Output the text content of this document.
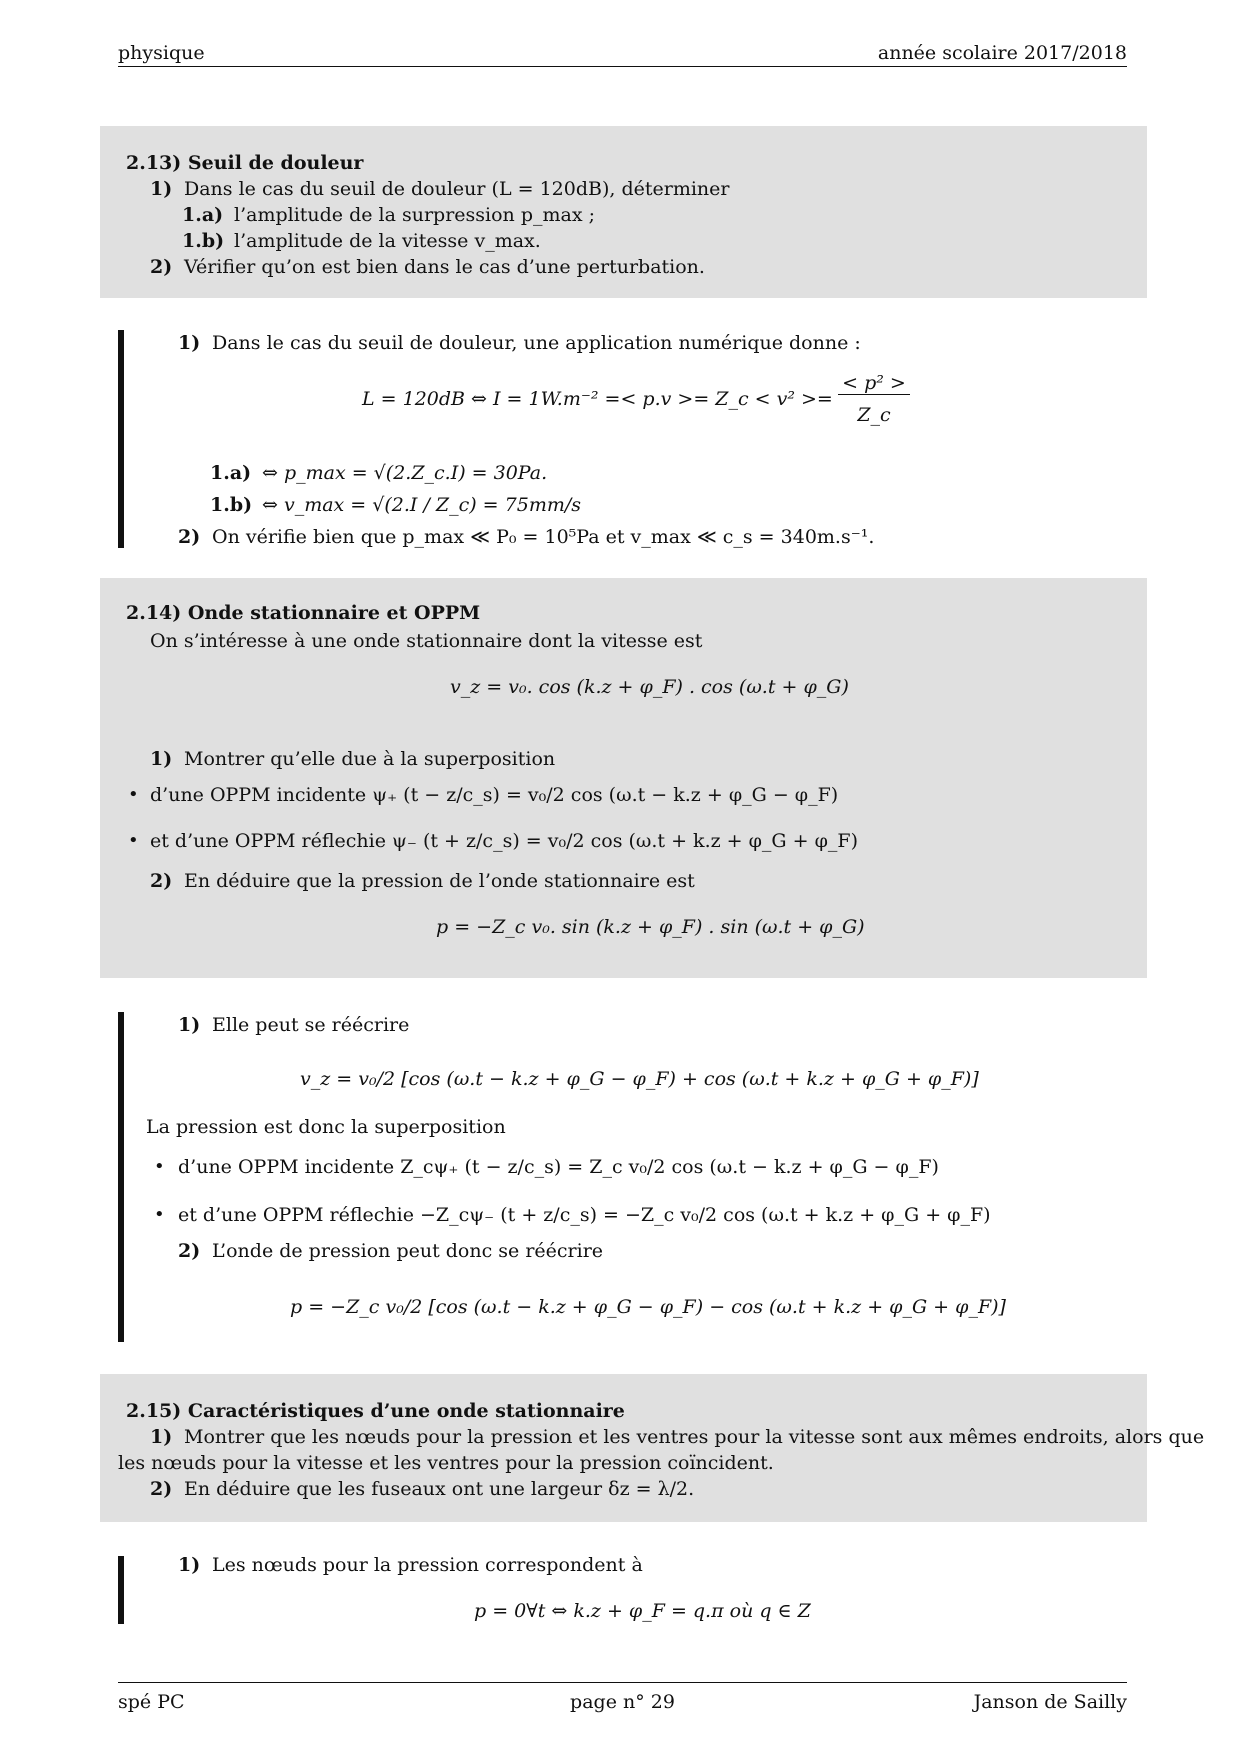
physique	année scolaire 2017/2018
2.13) Seuil de douleur
1) Dans le cas du seuil de douleur (L = 120dB), déterminer
1.a) l’amplitude de la surpression p_max ;
1.b) l’amplitude de la vitesse v_max.
2) Vérifier qu’on est bien dans le cas d’une perturbation.
1) Dans le cas du seuil de douleur, une application numérique donne :
L = 120dB ⇔ I = 1W.m⁻² =< p.v >= Z_c < v² >=
< p² >
Z_c
1.a) ⇔ p_max = √(2.Z_c.I) = 30Pa.
1.b) ⇔ v_max = √(2.I / Z_c) = 75mm/s
2) On vérifie bien que p_max ≪ P₀ = 10⁵Pa et v_max ≪ c_s = 340m.s⁻¹.
2.14) Onde stationnaire et OPPM
On s’intéresse à une onde stationnaire dont la vitesse est
v_z = v₀. cos (k.z + φ_F) . cos (ω.t + φ_G)
1) Montrer qu’elle due à la superposition
• d’une OPPM incidente ψ₊ (t − z/c_s) = v₀/2 cos (ω.t − k.z + φ_G − φ_F)
• et d’une OPPM réflechie ψ₋ (t + z/c_s) = v₀/2 cos (ω.t + k.z + φ_G + φ_F)
2) En déduire que la pression de l’onde stationnaire est
p = −Z_c v₀. sin (k.z + φ_F) . sin (ω.t + φ_G)
1) Elle peut se réécrire
v_z = v₀/2 [cos (ω.t − k.z + φ_G − φ_F) + cos (ω.t + k.z + φ_G + φ_F)]
La pression est donc la superposition
• d’une OPPM incidente Z_cψ₊ (t − z/c_s) = Z_c v₀/2 cos (ω.t − k.z + φ_G − φ_F)
• et d’une OPPM réflechie −Z_cψ₋ (t + z/c_s) = −Z_c v₀/2 cos (ω.t + k.z + φ_G + φ_F)
2) L’onde de pression peut donc se réécrire
p = −Z_c v₀/2 [cos (ω.t − k.z + φ_G − φ_F) − cos (ω.t + k.z + φ_G + φ_F)]
2.15) Caractéristiques d’une onde stationnaire
1) Montrer que les nœuds pour la pression et les ventres pour la vitesse sont aux mêmes endroits, alors que
les nœuds pour la vitesse et les ventres pour la pression coïncident.
2) En déduire que les fuseaux ont une largeur δz = λ/2.
1) Les nœuds pour la pression correspondent à
p = 0∀t ⇔ k.z + φ_F = q.π où q ∈ Z
spé PC	page n° 29	Janson de Sailly
